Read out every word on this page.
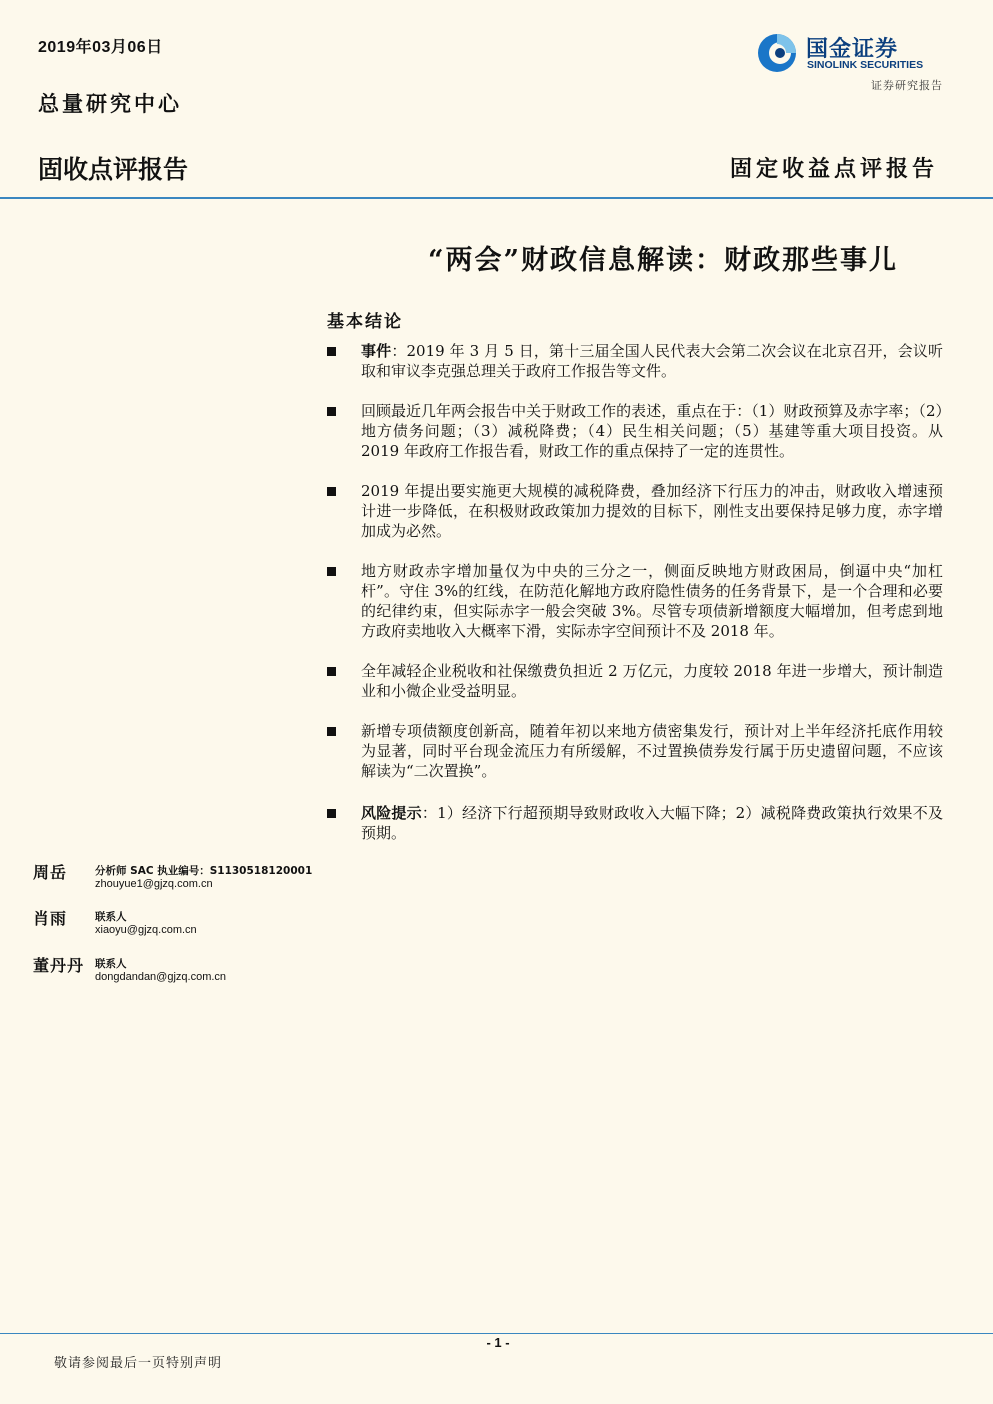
2019年03月06日
总量研究中心
固收点评报告	固定收益点评报告
国金证券
SINOLINK SECURITIES
证券研究报告
“两会”财政信息解读：财政那些事儿
基本结论
事件：2019 年 3 月 5 日，第十三届全国人民代表大会第二次会议在北京召开，会议听取和审议李克强总理关于政府工作报告等文件。
回顾最近几年两会报告中关于财政工作的表述，重点在于：（1）财政预算及赤字率；（2）地方债务问题；（3）减税降费；（4）民生相关问题；（5）基建等重大项目投资。从 2019 年政府工作报告看，财政工作的重点保持了一定的连贯性。
2019 年提出要实施更大规模的减税降费，叠加经济下行压力的冲击，财政收入增速预计进一步降低，在积极财政政策加力提效的目标下，刚性支出要保持足够力度，赤字增加成为必然。
地方财政赤字增加量仅为中央的三分之一，侧面反映地方财政困局，倒逼中央“加杠杆”。守住 3%的红线，在防范化解地方政府隐性债务的任务背景下，是一个合理和必要的纪律约束，但实际赤字一般会突破 3%。尽管专项债新增额度大幅增加，但考虑到地方政府卖地收入大概率下滑，实际赤字空间预计不及 2018 年。
全年减轻企业税收和社保缴费负担近 2 万亿元，力度较 2018 年进一步增大，预计制造业和小微企业受益明显。
新增专项债额度创新高，随着年初以来地方债密集发行，预计对上半年经济托底作用较为显著，同时平台现金流压力有所缓解，不过置换债券发行属于历史遗留问题，不应该解读为“二次置换”。
风险提示：1）经济下行超预期导致财政收入大幅下降；2）减税降费政策执行效果不及预期。
周岳	分析师 SAC 执业编号：S1130518120001
zhouyue1@gjzq.com.cn
肖雨	联系人
xiaoyu@gjzq.com.cn
董丹丹 联系人
dongdandan@gjzq.com.cn
- 1 -
敬请参阅最后一页特别声明
